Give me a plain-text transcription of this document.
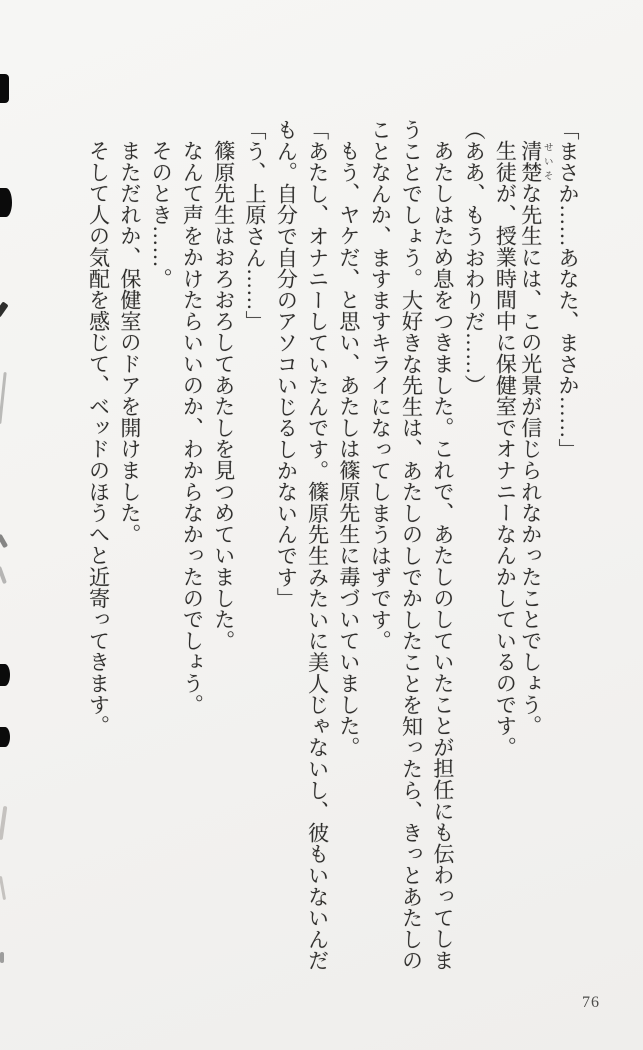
「まさか……あなた、まさか……」
清楚 せいそな先生には、この光景が信じられなかったことでしょう。
生徒が、授業時間中に保健室でオナニーなんかしているのです。
（ああ、もうおわりだ……）
あたしはため息をつきました。これで、あたしのしていたことが担任にも伝わってしま
うことでしょう。大好きな先生は、あたしのしでかしたことを知ったら、きっとあたしの
ことなんか、ますますキライになってしまうはずです。
もう、ヤケだ、と思い、あたしは篠原先生に毒づいていました。
「あたし、オナニーしていたんです。篠原先生みたいに美人じゃないし、彼もいないんだ
もん。自分で自分のアソコいじるしかないんです」
「う、上原さん……」
篠原先生はおろおろしてあたしを見つめていました。
なんて声をかけたらいいのか、わからなかったのでしょう。
そのとき……。
まただれか、保健室のドアを開けました。
そして人の気配を感じて、ベッドのほうへと近寄ってきます。
76
